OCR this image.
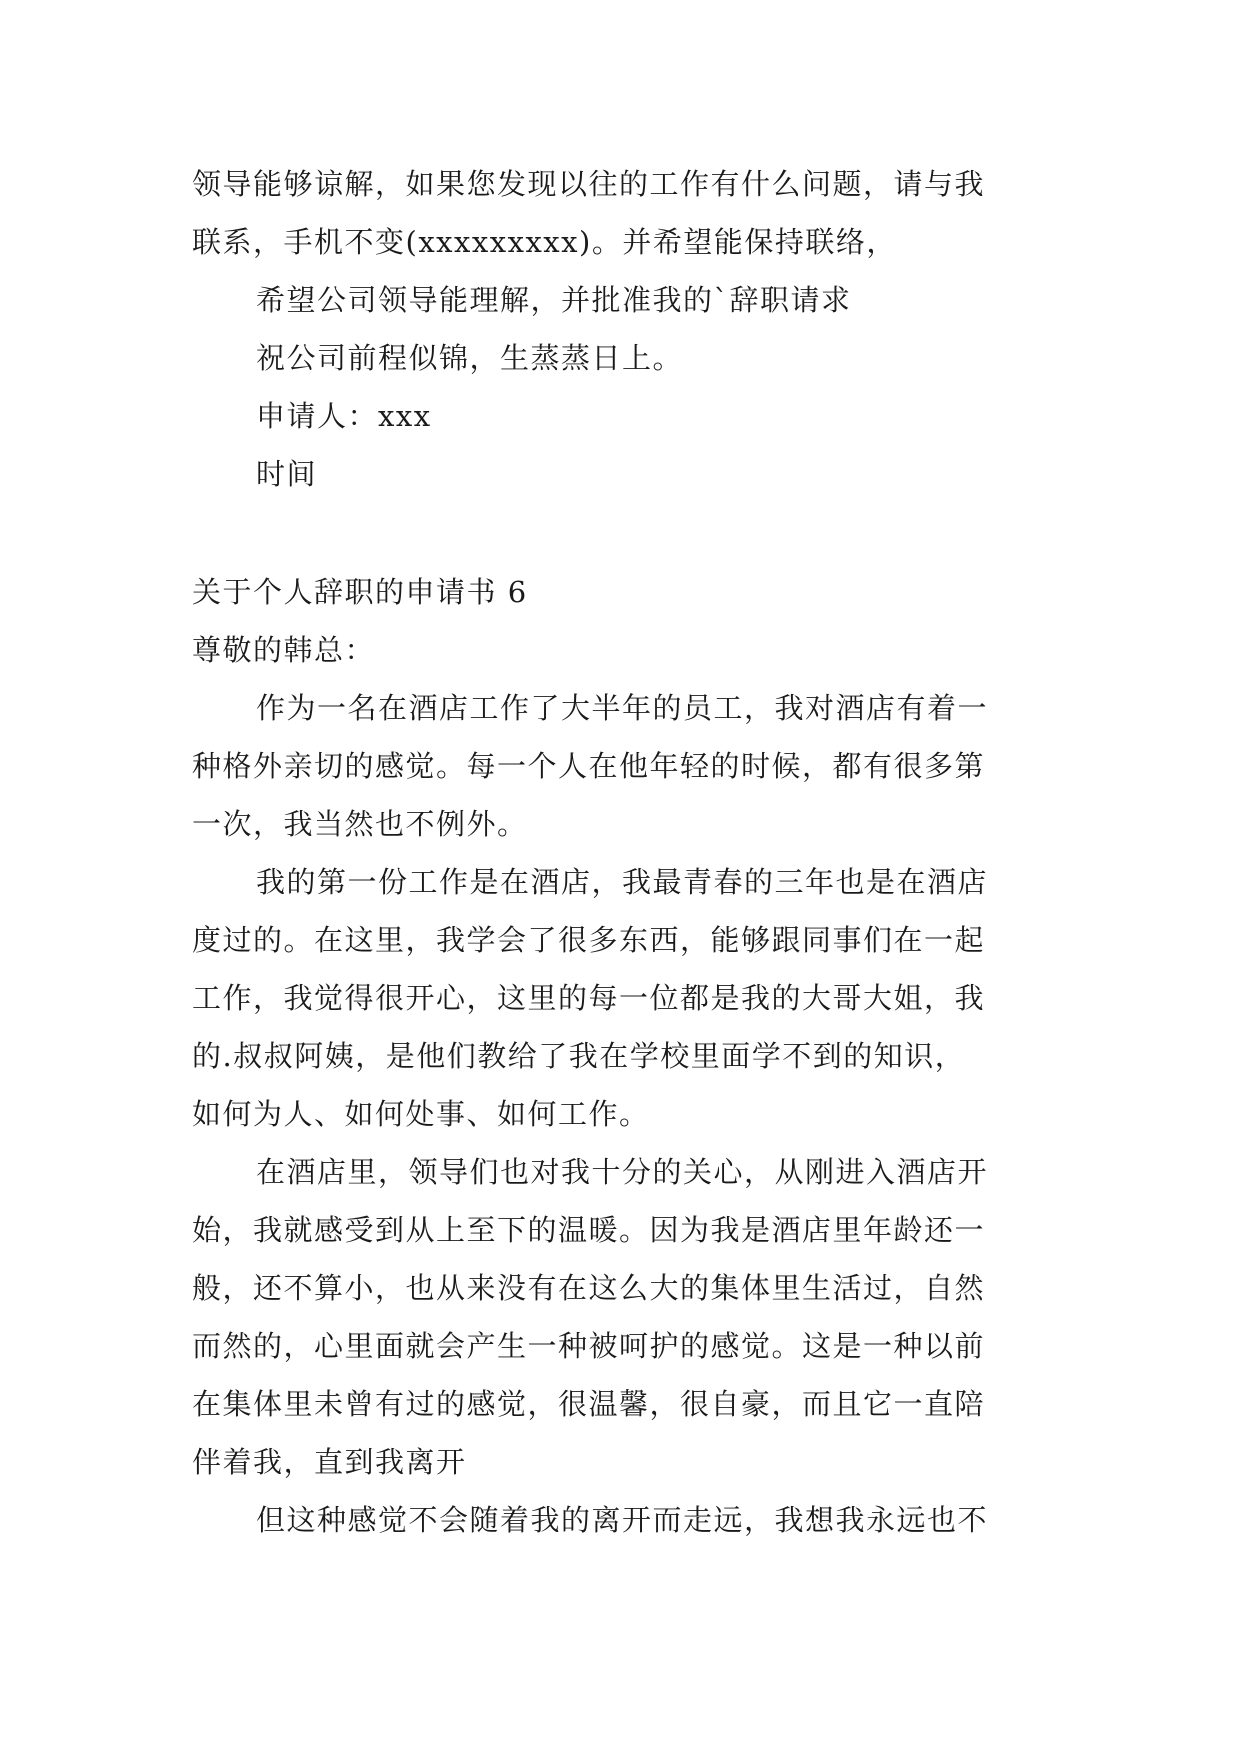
领导能够谅解，如果您发现以往的工作有什么问题，请与我
联系，手机不变(xxxxxxxxx)。并希望能保持联络，
希望公司领导能理解，并批准我的`辞职请求
祝公司前程似锦，生蒸蒸日上。
申请人：xxx
时间
关于个人辞职的申请书 6
尊敬的韩总：
作为一名在酒店工作了大半年的员工，我对酒店有着一
种格外亲切的感觉。每一个人在他年轻的时候，都有很多第
一次，我当然也不例外。
我的第一份工作是在酒店，我最青春的三年也是在酒店
度过的。在这里，我学会了很多东西，能够跟同事们在一起
工作，我觉得很开心，这里的每一位都是我的大哥大姐，我
的.叔叔阿姨，是他们教给了我在学校里面学不到的知识，
如何为人、如何处事、如何工作。
在酒店里，领导们也对我十分的关心，从刚进入酒店开
始，我就感受到从上至下的温暖。因为我是酒店里年龄还一
般，还不算小，也从来没有在这么大的集体里生活过，自然
而然的，心里面就会产生一种被呵护的感觉。这是一种以前
在集体里未曾有过的感觉，很温馨，很自豪，而且它一直陪
伴着我，直到我离开
但这种感觉不会随着我的离开而走远，我想我永远也不
